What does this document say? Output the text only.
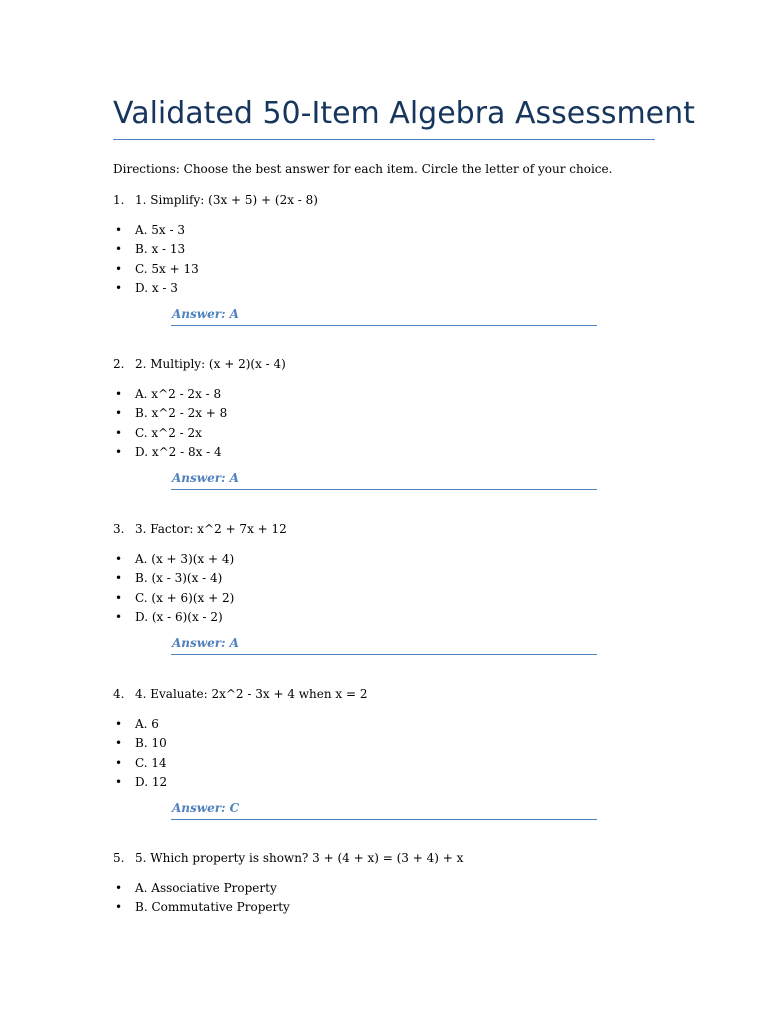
Validated 50-Item Algebra Assessment
Directions: Choose the best answer for each item. Circle the letter of your choice.
1. 1. Simplify: (3x + 5) + (2x - 8)
• A. 5x - 3
• B. x - 13
• C. 5x + 13
• D. x - 3
Answer: A
2. 2. Multiply: (x + 2)(x - 4)
• A. x^2 - 2x - 8
• B. x^2 - 2x + 8
• C. x^2 - 2x
• D. x^2 - 8x - 4
Answer: A
3. 3. Factor: x^2 + 7x + 12
• A. (x + 3)(x + 4)
• B. (x - 3)(x - 4)
• C. (x + 6)(x + 2)
• D. (x - 6)(x - 2)
Answer: A
4. 4. Evaluate: 2x^2 - 3x + 4 when x = 2
• A. 6
• B. 10
• C. 14
• D. 12
Answer: C
5. 5. Which property is shown? 3 + (4 + x) = (3 + 4) + x
• A. Associative Property
• B. Commutative Property
